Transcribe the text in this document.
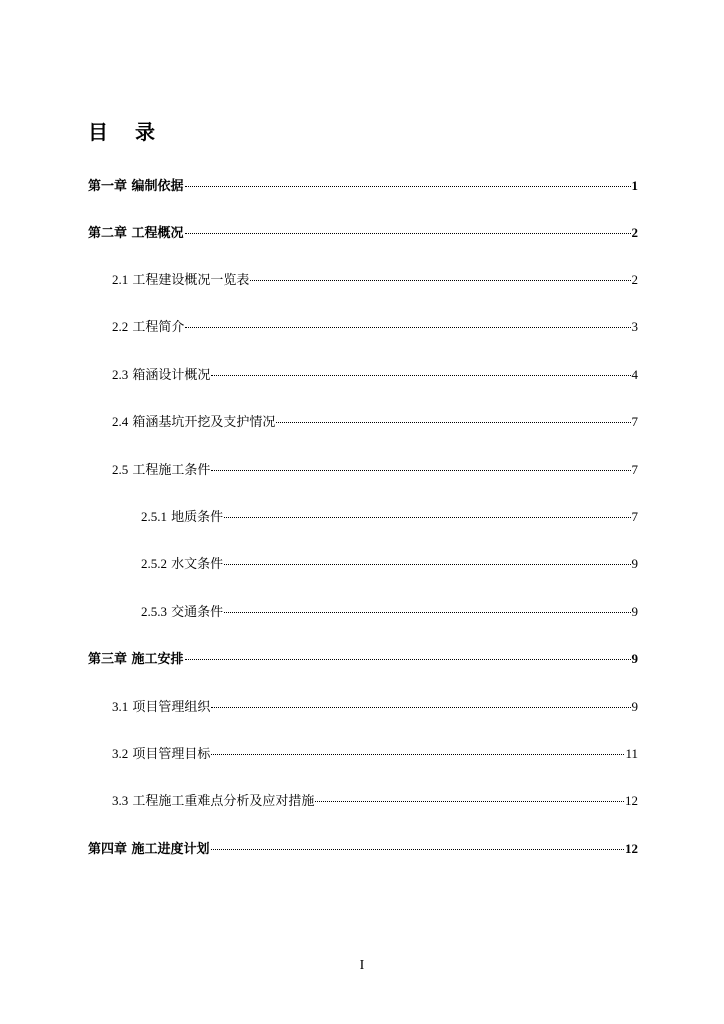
目 录
第一章 编制依据	1
第二章 工程概况	2
2.1 工程建设概况一览表	2
2.2 工程简介	3
2.3 箱涵设计概况	4
2.4 箱涵基坑开挖及支护情况	7
2.5 工程施工条件	7
2.5.1 地质条件	7
2.5.2 水文条件	9
2.5.3 交通条件	9
第三章 施工安排	9
3.1 项目管理组织	9
3.2 项目管理目标	11
3.3 工程施工重难点分析及应对措施	12
第四章 施工进度计划	12
I
